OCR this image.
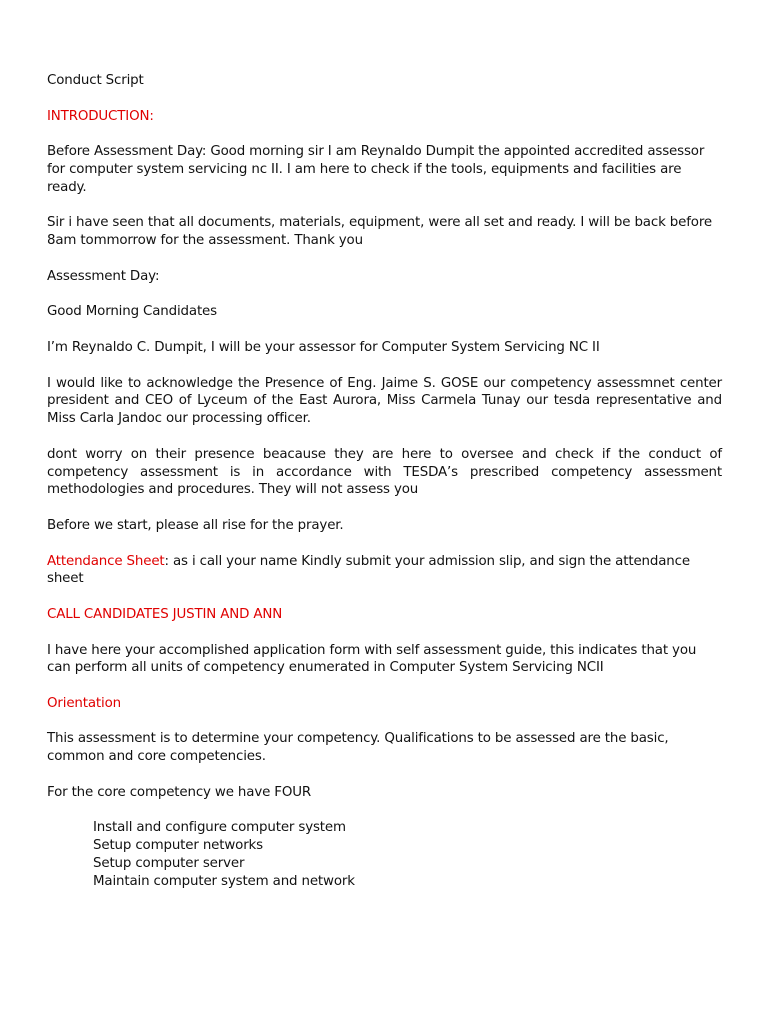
Conduct Script

INTRODUCTION:

Before Assessment Day: Good morning sir I am Reynaldo Dumpit the appointed accredited assessor for computer system servicing nc II. I am here to check if the tools, equipments and facilities are ready.

Sir i have seen that all documents, materials, equipment, were all set and ready. I will be back before 8am tommorrow for the assessment. Thank you

Assessment Day:

Good Morning Candidates

I’m Reynaldo C. Dumpit, I will be your assessor for Computer System Servicing NC II

I would like to acknowledge the Presence of Eng. Jaime S. GOSE our competency assessmnet center president and CEO of Lyceum of the East Aurora, Miss Carmela Tunay our tesda representative and Miss Carla Jandoc our processing officer.

dont worry on their presence beacause they are here to oversee and check if the conduct of competency assessment is in accordance with TESDA’s prescribed competency assessment methodologies and procedures. They will not assess you

Before we start, please all rise for the prayer.

Attendance Sheet: as i call your name Kindly submit your admission slip, and sign the attendance sheet

CALL CANDIDATES JUSTIN AND ANN

I have here your accomplished application form with self assessment guide, this indicates that you can perform all units of competency enumerated in Computer System Servicing NCII

Orientation

This assessment is to determine your competency. Qualifications to be assessed are the basic, common and core competencies.

For the core competency we have FOUR

Install and configure computer system
Setup computer networks
Setup computer server
Maintain computer system and network
